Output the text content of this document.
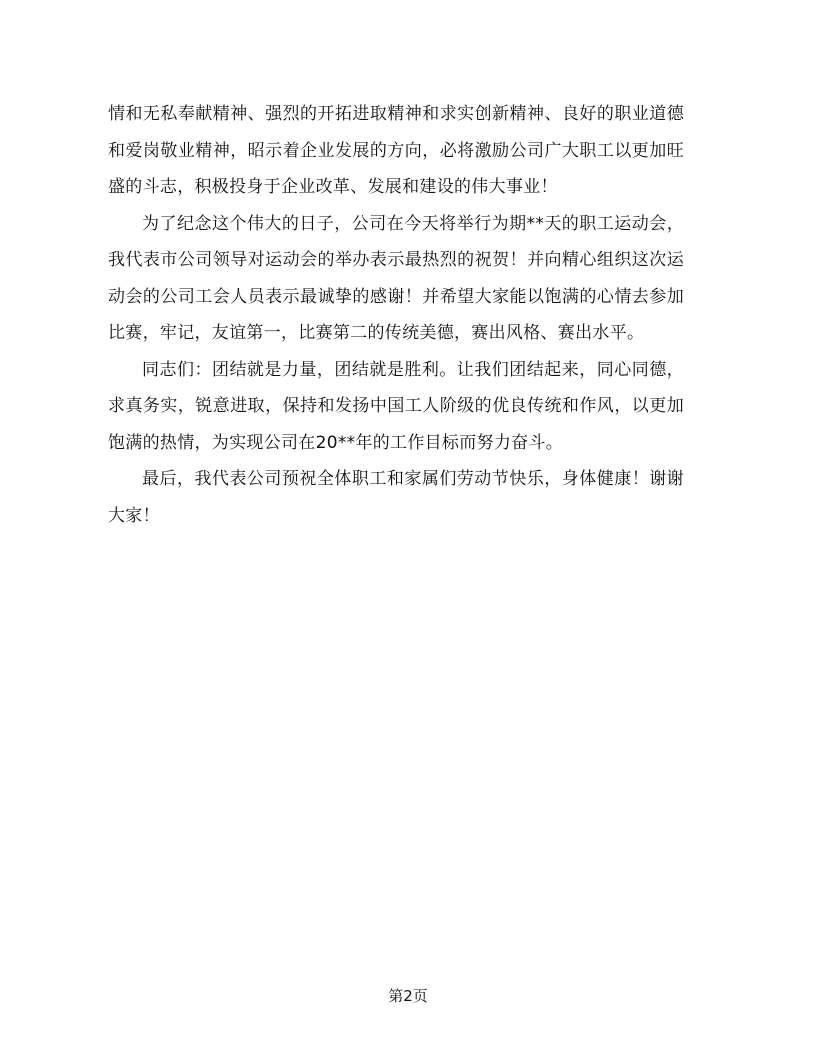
情和无私奉献精神、强烈的开拓进取精神和求实创新精神、良好的职业道德和爱岗敬业精神，昭示着企业发展的方向，必将激励公司广大职工以更加旺盛的斗志，积极投身于企业改革、发展和建设的伟大事业！

为了纪念这个伟大的日子，公司在今天将举行为期**天的职工运动会，我代表市公司领导对运动会的举办表示最热烈的祝贺！并向精心组织这次运动会的公司工会人员表示最诚挚的感谢！并希望大家能以饱满的心情去参加比赛，牢记，友谊第一，比赛第二的传统美德，赛出风格、赛出水平。

同志们：团结就是力量，团结就是胜利。让我们团结起来，同心同德，求真务实，锐意进取，保持和发扬中国工人阶级的优良传统和作风，以更加饱满的热情，为实现公司在20**年的工作目标而努力奋斗。

最后，我代表公司预祝全体职工和家属们劳动节快乐，身体健康！谢谢大家！

第2页
